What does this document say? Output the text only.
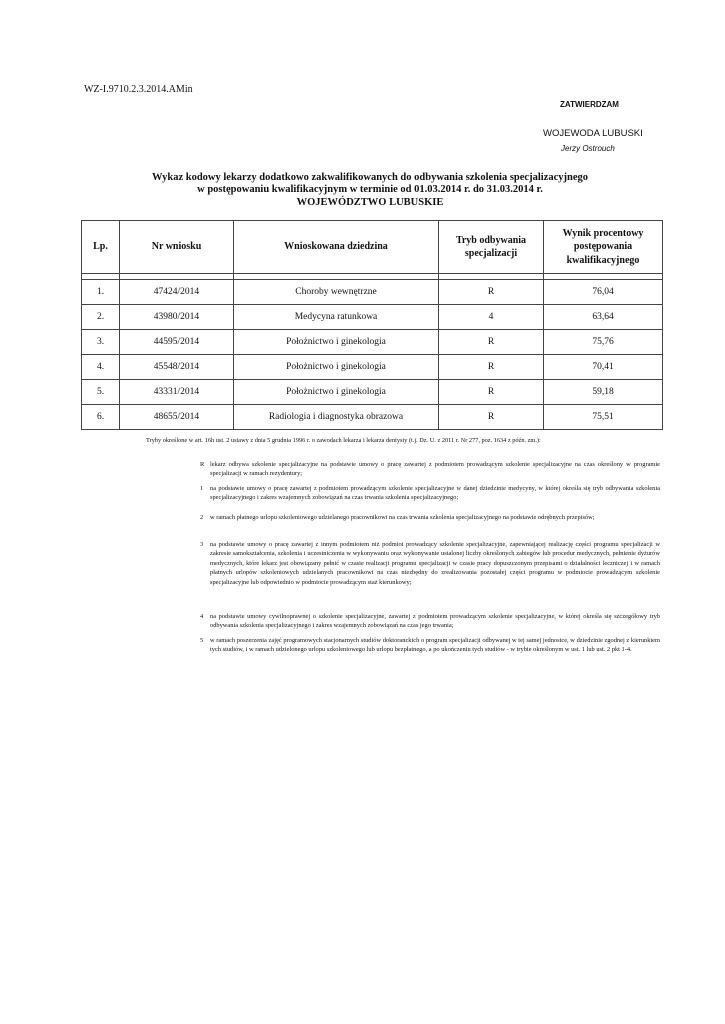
WZ-I.9710.2.3.2014.AMin
ZATWIERDZAM
WOJEWODA LUBUSKI
Jerzy Ostrouch
Wykaz kodowy lekarzy dodatkowo zakwalifikowanych do odbywania szkolenia specjalizacyjnego
w postępowaniu kwalifikacyjnym w terminie od 01.03.2014 r. do 31.03.2014 r.
WOJEWÓDZTWO LUBUSKIE
Lp.	Nr wniosku	Wnioskowana dziedzina	Tryb odbywania specjalizacji	Wynik procentowy postępowania kwalifikacyjnego

1.	47424/2014	Choroby wewnętrzne	R	76,04
2.	43980/2014	Medycyna ratunkowa	4	63,64
3.	44595/2014	Położnictwo i ginekologia	R	75,76
4.	45548/2014	Położnictwo i ginekologia	R	70,41
5.	43331/2014	Położnictwo i ginekologia	R	59,18
6.	48655/2014	Radiologia i diagnostyka obrazowa	R	75,51
Tryby określone w art. 16h ust. 2 ustawy z dnia 5 grudnia 1996 r. o zawodach lekarza i lekarza dentysty (t.j. Dz. U. z 2011 r. Nr 277, poz. 1634 z późn. zm.):
R lekarz odbywa szkolenie specjalizacyjne na podstawie umowy o pracę zawartej z podmiotem prowadzącym szkolenie specjalizacyjne na czas określony w programie specjalizacji w ramach rezydentury;
1 na podstawie umowy o pracę zawartej z podmiotem prowadzącym szkolenie specjalizacyjne w danej dziedzinie medycyny, w której określa się tryb odbywania szkolenia specjalizacyjnego i zakres wzajemnych zobowiązań na czas trwania szkolenia specjalizacyjnego;
2 w ramach płatnego urlopu szkoleniowego udzielanego pracownikowi na czas trwania szkolenia specjalizacyjnego na podstawie odrębnych przepisów;
3 na podstawie umowy o pracę zawartej z innym podmiotem niż podmiot prowadzący szkolenie specjalizacyjne, zapewniającej realizację części programu specjalizacji w zakresie samokształcenia, szkolenia i uczestniczenia w wykonywaniu oraz wykonywanie ustalonej liczby określonych zabiegów lub procedur medycznych, pełnienie dyżurów medycznych, które lekarz jest obowiązany pełnić w czasie realizacji programu specjalizacji w czasie pracy dopuszczonym przepisami o działalności leczniczej i w ramach płatnych urlopów szkoleniowych udzielanych pracownikowi na czas niezbędny do zrealizowania pozostałej części programu w podmiocie prowadzącym szkolenie specjalizacyjne lub odpowiednio w podmiocie prowadzącym staż kierunkowy;
4 na podstawie umowy cywilnoprawnej o szkolenie specjalizacyjne, zawartej z podmiotem prowadzącym szkolenie specjalizacyjne, w której określa się szczegółowy tryb odbywania szkolenia specjalizacyjnego i zakres wzajemnych zobowiązań na czas jego trwania;
5 w ramach poszerzenia zajęć programowych stacjonarnych studiów doktoranckich o program specjalizacji odbywanej w tej samej jednostce, w dziedzinie zgodnej z kierunkiem tych studiów, i w ramach udzielonego urlopu szkoleniowego lub urlopu bezpłatnego, a po ukończeniu tych studiów - w trybie określonym w ust. 1 lub ust. 2 pkt 1-4.
